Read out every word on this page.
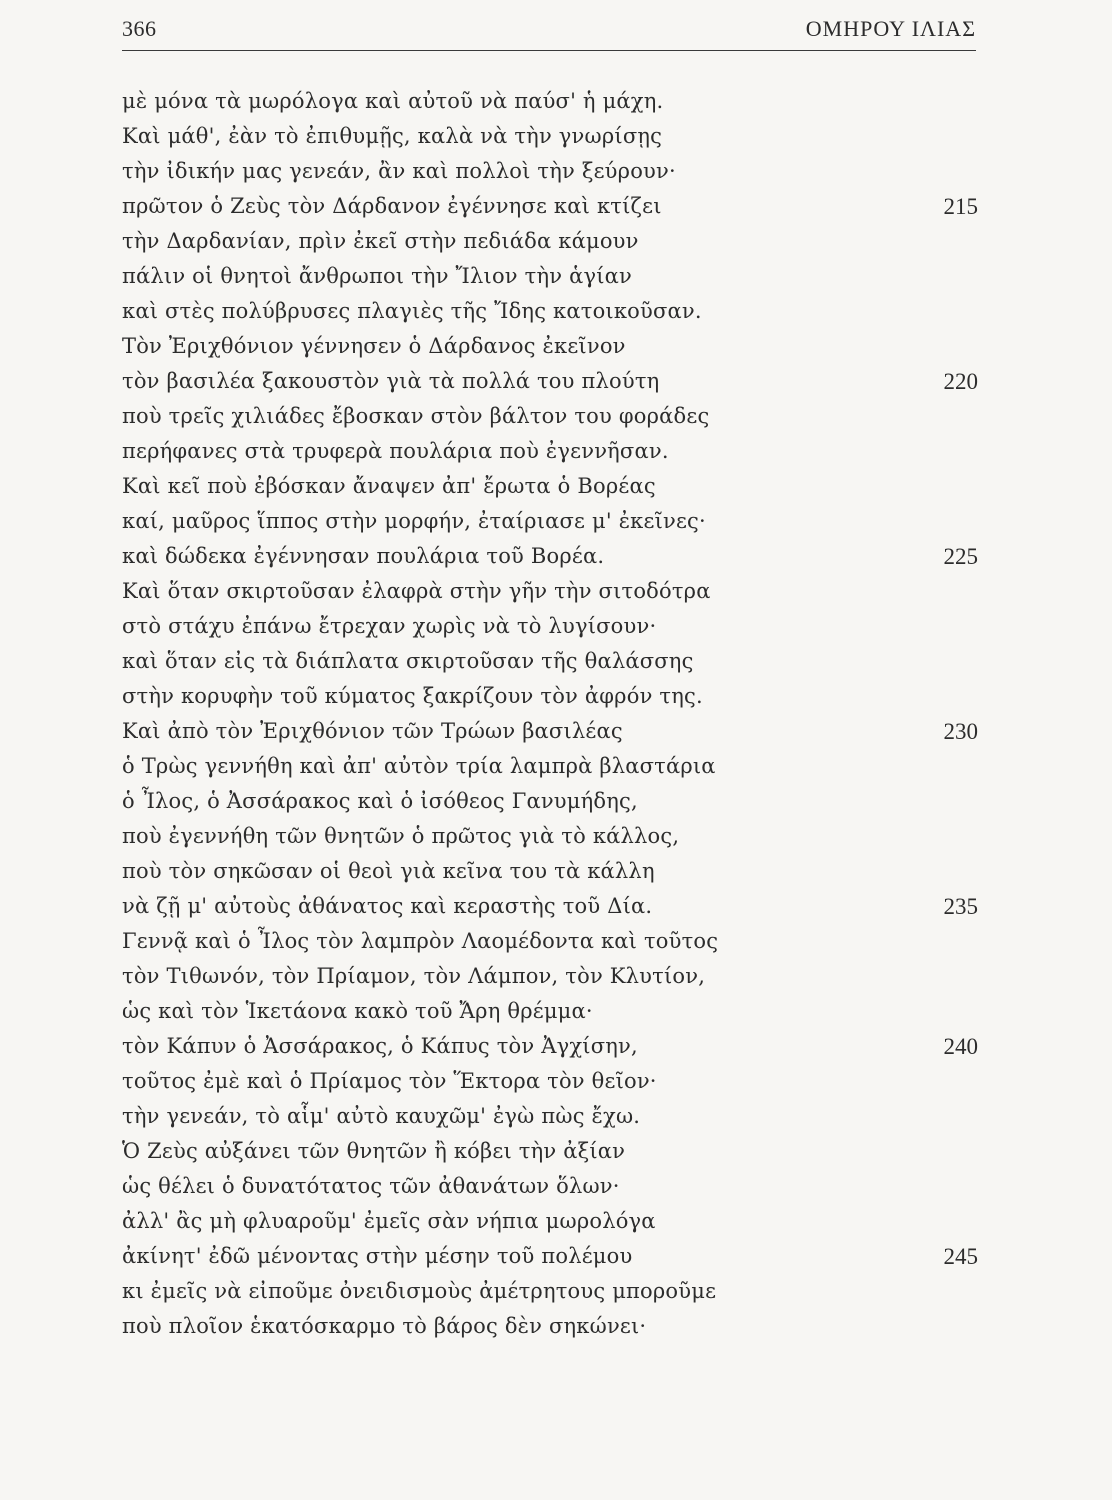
366	ΟΜΗΡΟΥ ΙΛΙΑΣ
μὲ μόνα τὰ μωρόλογα καὶ αὐτοῦ νὰ παύσ' ἡ μάχη.
Καὶ μάθ', ἐὰν τὸ ἐπιθυμῇς, καλὰ νὰ τὴν γνωρίσῃς
τὴν ἰδικήν μας γενεάν, ἂν καὶ πολλοὶ τὴν ξεύρουν·
πρῶτον ὁ Ζεὺς τὸν Δάρδανον ἐγέννησε καὶ κτίζει	215
τὴν Δαρδανίαν, πρὶν ἐκεῖ στὴν πεδιάδα κάμουν
πάλιν οἱ θνητοὶ ἄνθρωποι τὴν Ἴλιον τὴν ἁγίαν
καὶ στὲς πολύβρυσες πλαγιὲς τῆς Ἴδης κατοικοῦσαν.
Τὸν Ἐριχθόνιον γέννησεν ὁ Δάρδανος ἐκεῖνον
τὸν βασιλέα ξακουστὸν γιὰ τὰ πολλά του πλούτη	220
ποὺ τρεῖς χιλιάδες ἔβοσκαν στὸν βάλτον του φοράδες
περήφανες στὰ τρυφερὰ πουλάρια ποὺ ἐγεννῆσαν.
Καὶ κεῖ ποὺ ἐβόσκαν ἄναψεν ἀπ' ἔρωτα ὁ Βορέας
καί, μαῦρος ἵππος στὴν μορφήν, ἐταίριασε μ' ἐκεῖνες·
καὶ δώδεκα ἐγέννησαν πουλάρια τοῦ Βορέα.	225
Καὶ ὅταν σκιρτοῦσαν ἐλαφρὰ στὴν γῆν τὴν σιτοδότρα
στὸ στάχυ ἐπάνω ἔτρεχαν χωρὶς νὰ τὸ λυγίσουν·
καὶ ὅταν εἰς τὰ διάπλατα σκιρτοῦσαν τῆς θαλάσσης
στὴν κορυφὴν τοῦ κύματος ξακρίζουν τὸν ἀφρόν της.
Καὶ ἀπὸ τὸν Ἐριχθόνιον τῶν Τρώων βασιλέας	230
ὁ Τρὼς γεννήθη καὶ ἀπ' αὐτὸν τρία λαμπρὰ βλαστάρια
ὁ Ἶλος, ὁ Ἀσσάρακος καὶ ὁ ἰσόθεος Γανυμήδης,
ποὺ ἐγεννήθη τῶν θνητῶν ὁ πρῶτος γιὰ τὸ κάλλος,
ποὺ τὸν σηκῶσαν οἱ θεοὶ γιὰ κεῖνα του τὰ κάλλη
νὰ ζῇ μ' αὐτοὺς ἀθάνατος καὶ κεραστὴς τοῦ Δία.	235
Γεννᾷ καὶ ὁ Ἶλος τὸν λαμπρὸν Λαομέδοντα καὶ τοῦτος
τὸν Τιθωνόν, τὸν Πρίαμον, τὸν Λάμπον, τὸν Κλυτίον,
ὡς καὶ τὸν Ἱκετάονα κακὸ τοῦ Ἄρη θρέμμα·
τὸν Κάπυν ὁ Ἀσσάρακος, ὁ Κάπυς τὸν Ἀγχίσην,	240
τοῦτος ἐμὲ καὶ ὁ Πρίαμος τὸν Ἕκτορα τὸν θεῖον·
τὴν γενεάν, τὸ αἷμ' αὐτὸ καυχῶμ' ἐγὼ πὼς ἔχω.
Ὁ Ζεὺς αὐξάνει τῶν θνητῶν ἢ κόβει τὴν ἀξίαν
ὡς θέλει ὁ δυνατότατος τῶν ἀθανάτων ὅλων·
ἀλλ' ἂς μὴ φλυαροῦμ' ἐμεῖς σὰν νήπια μωρολόγα
ἀκίνητ' ἐδῶ μένοντας στὴν μέσην τοῦ πολέμου	245
κι ἐμεῖς νὰ εἰποῦμε ὀνειδισμοὺς ἀμέτρητους μποροῦμε
ποὺ πλοῖον ἑκατόσκαρμο τὸ βάρος δὲν σηκώνει·
